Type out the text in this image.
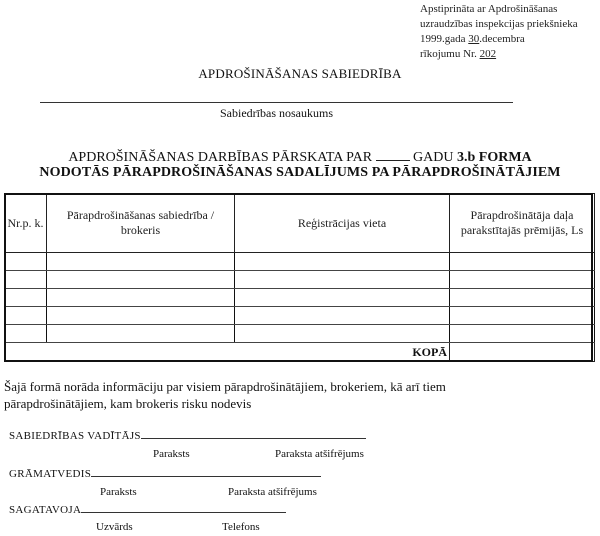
Apstiprināta ar Apdrošināšanas
uzraudzības inspekcijas priekšnieka
1999.gada 30.decembra
rīkojumu Nr. 202
APDROŠINĀŠANAS SABIEDRĪBA
Sabiedrības nosaukums
APDROŠINĀŠANAS DARBĪBAS PĀRSKATA PAR  GADU 3.b FORMA
NODOTĀS PĀRAPDROŠINĀŠANAS SADALĪJUMS PA PĀRAPDROŠINĀTĀJIEM
Nr.p. k.	Pārapdrošināšanas sabiedrība / brokeris	Reģistrācijas vieta	Pārapdrošinātāja daļa parakstītajās prēmijās, Ls

KOPĀ			
Šajā formā norāda informāciju par visiem pārapdrošinātājiem, brokeriem, kā arī tiem pārapdrošinātājiem, kam brokeris risku nodevis
SABIEDRĪBAS VADĪTĀJS
Paraksts	Paraksta atšifrējums
GRĀMATVEDIS
Paraksts	Paraksta atšifrējums
SAGATAVOJA
Uzvārds	Telefons
